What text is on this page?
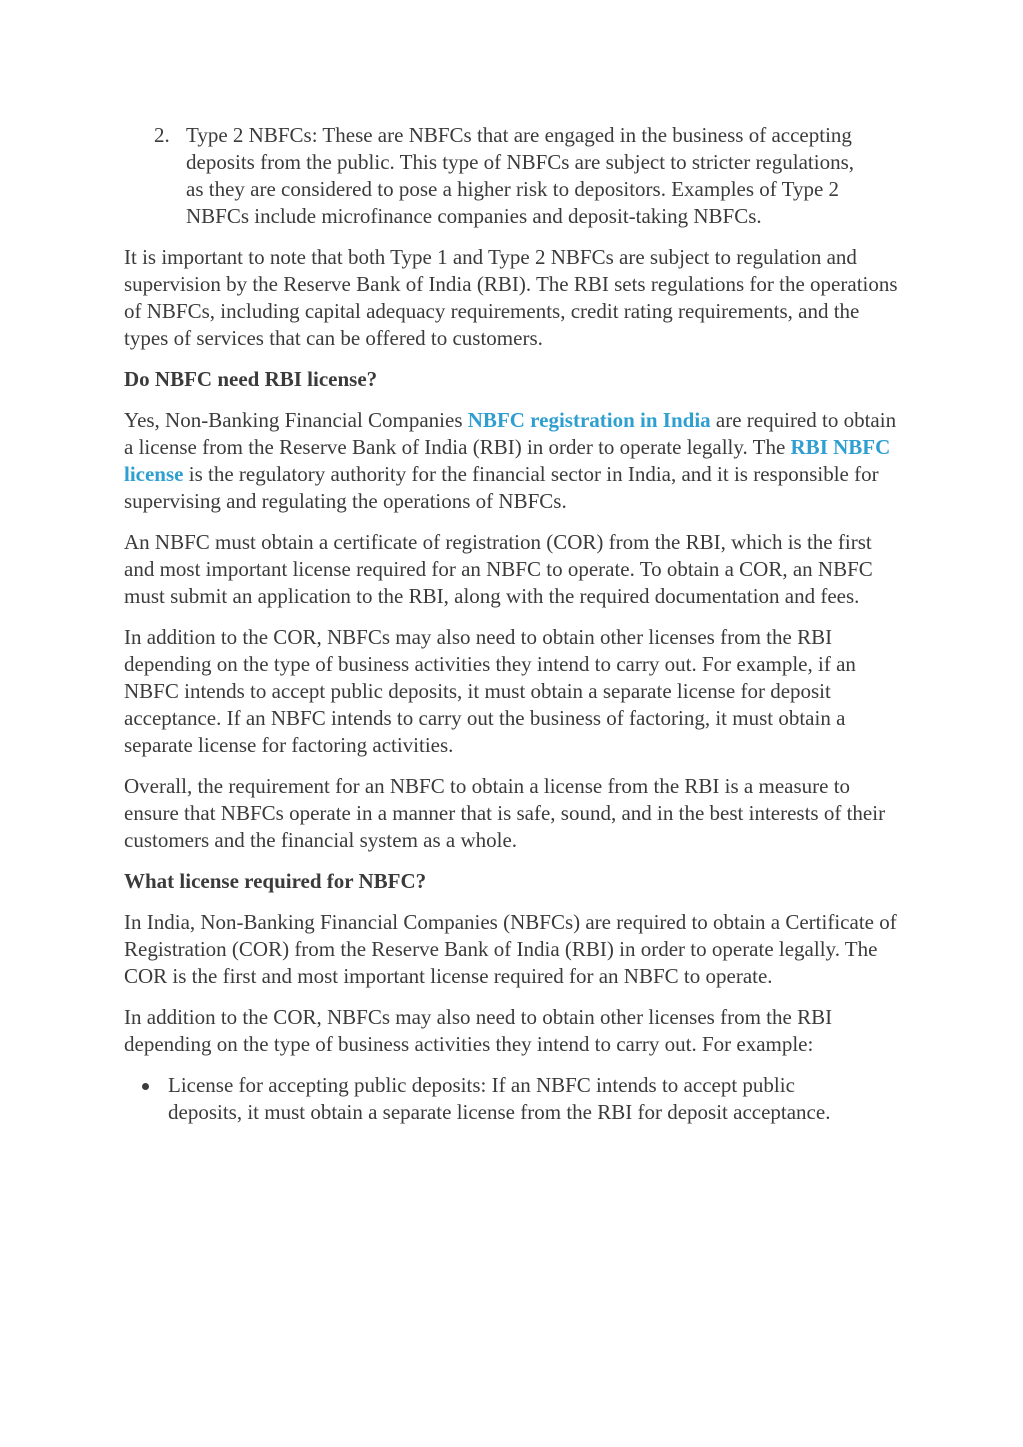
2. Type 2 NBFCs: These are NBFCs that are engaged in the business of accepting deposits from the public. This type of NBFCs are subject to stricter regulations, as they are considered to pose a higher risk to depositors. Examples of Type 2 NBFCs include microfinance companies and deposit-taking NBFCs.

It is important to note that both Type 1 and Type 2 NBFCs are subject to regulation and supervision by the Reserve Bank of India (RBI). The RBI sets regulations for the operations of NBFCs, including capital adequacy requirements, credit rating requirements, and the types of services that can be offered to customers.

Do NBFC need RBI license?

Yes, Non-Banking Financial Companies NBFC registration in India are required to obtain a license from the Reserve Bank of India (RBI) in order to operate legally. The RBI NBFC license is the regulatory authority for the financial sector in India, and it is responsible for supervising and regulating the operations of NBFCs.

An NBFC must obtain a certificate of registration (COR) from the RBI, which is the first and most important license required for an NBFC to operate. To obtain a COR, an NBFC must submit an application to the RBI, along with the required documentation and fees.

In addition to the COR, NBFCs may also need to obtain other licenses from the RBI depending on the type of business activities they intend to carry out. For example, if an NBFC intends to accept public deposits, it must obtain a separate license for deposit acceptance. If an NBFC intends to carry out the business of factoring, it must obtain a separate license for factoring activities.

Overall, the requirement for an NBFC to obtain a license from the RBI is a measure to ensure that NBFCs operate in a manner that is safe, sound, and in the best interests of their customers and the financial system as a whole.

What license required for NBFC?

In India, Non-Banking Financial Companies (NBFCs) are required to obtain a Certificate of Registration (COR) from the Reserve Bank of India (RBI) in order to operate legally. The COR is the first and most important license required for an NBFC to operate.

In addition to the COR, NBFCs may also need to obtain other licenses from the RBI depending on the type of business activities they intend to carry out. For example:

License for accepting public deposits: If an NBFC intends to accept public deposits, it must obtain a separate license from the RBI for deposit acceptance.
